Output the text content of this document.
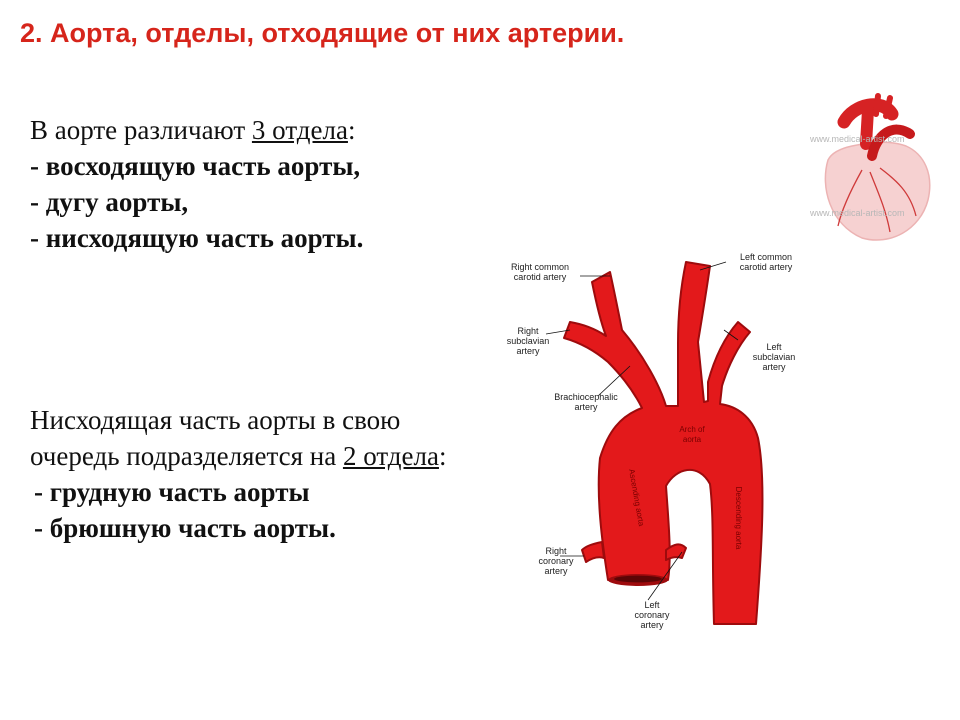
2. Аорта, отделы, отходящие от них артерии.
В аорте различают 3 отдела:
- восходящую часть аорты,
- дугу аорты,
- нисходящую часть аорты.
Нисходящая часть аорты в свою
очередь подразделяется на 2 отдела:
- грудную часть аорты
- брюшную часть аорты.
www.medical-artist.com
www.medical-artist.com
Right common
carotid artery
Left common
carotid artery
Right
subclavian
artery	Left
subclavian
artery
Brachiocephalic
artery
Arch of
aorta
Ascending aorta	Descending aorta
Right
coronary
artery
Left
coronary
artery
